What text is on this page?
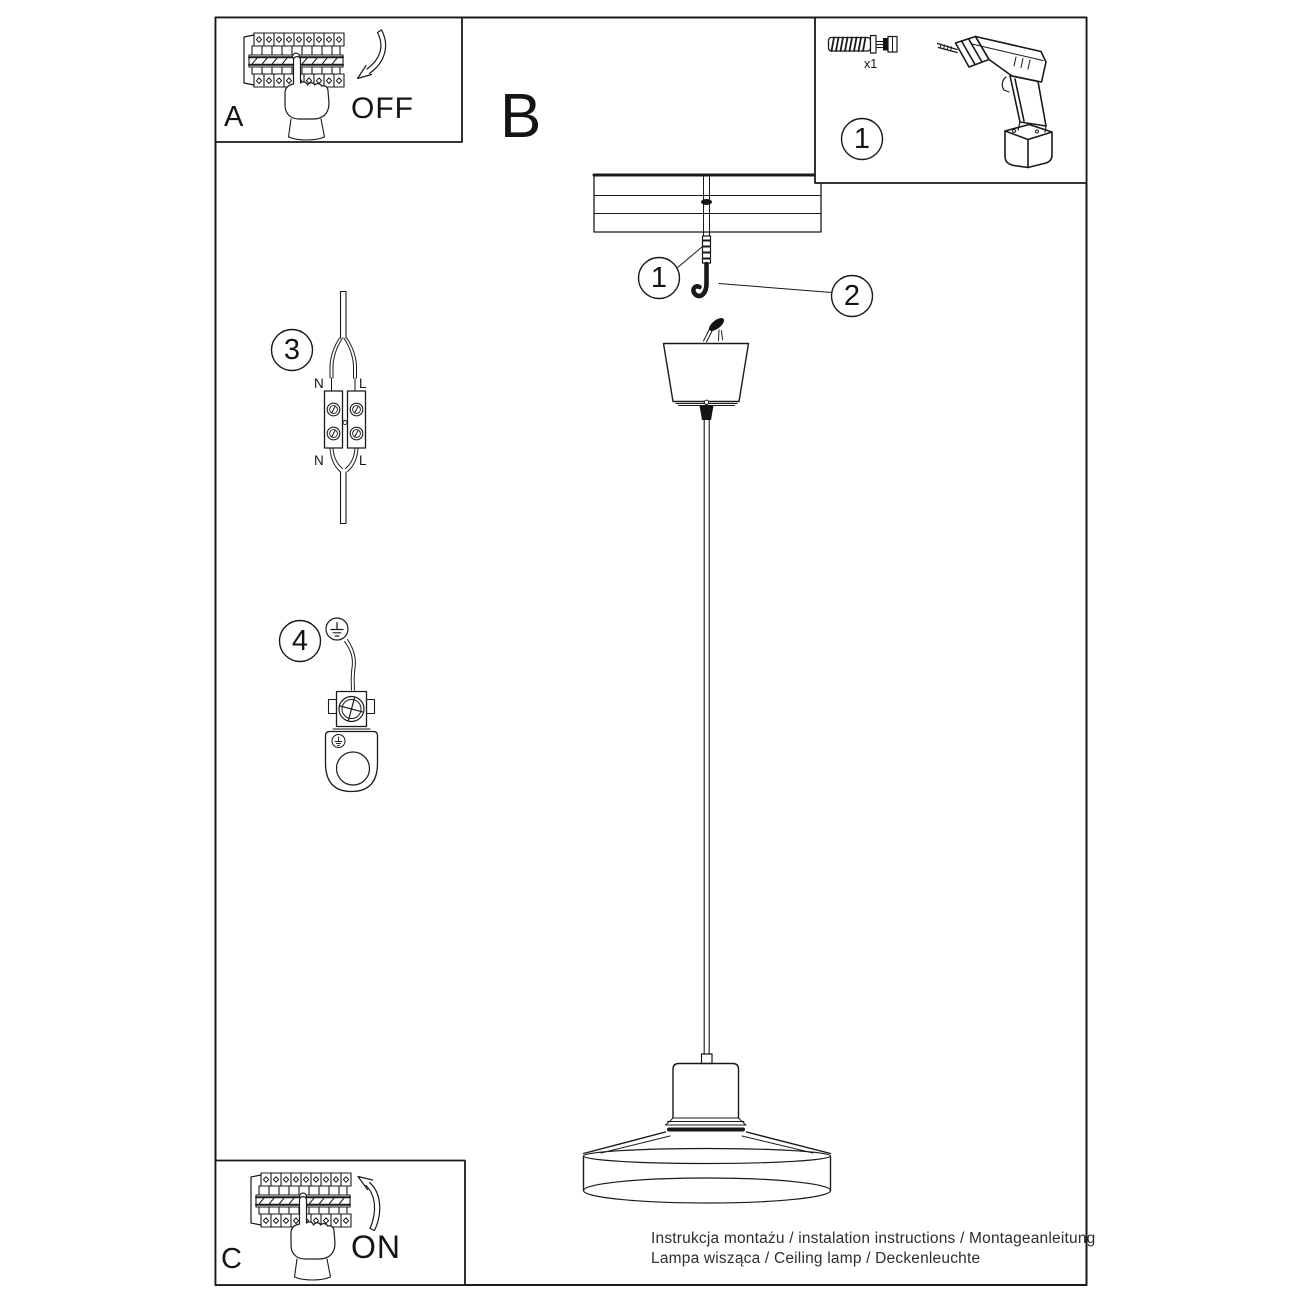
A	OFF B
C	ON
1
x1
1
2
3
4
N	L
N	L
Instrukcja montażu / instalation instructions / Montageanleitung
Lampa wisząca / Ceiling lamp / Deckenleuchte
